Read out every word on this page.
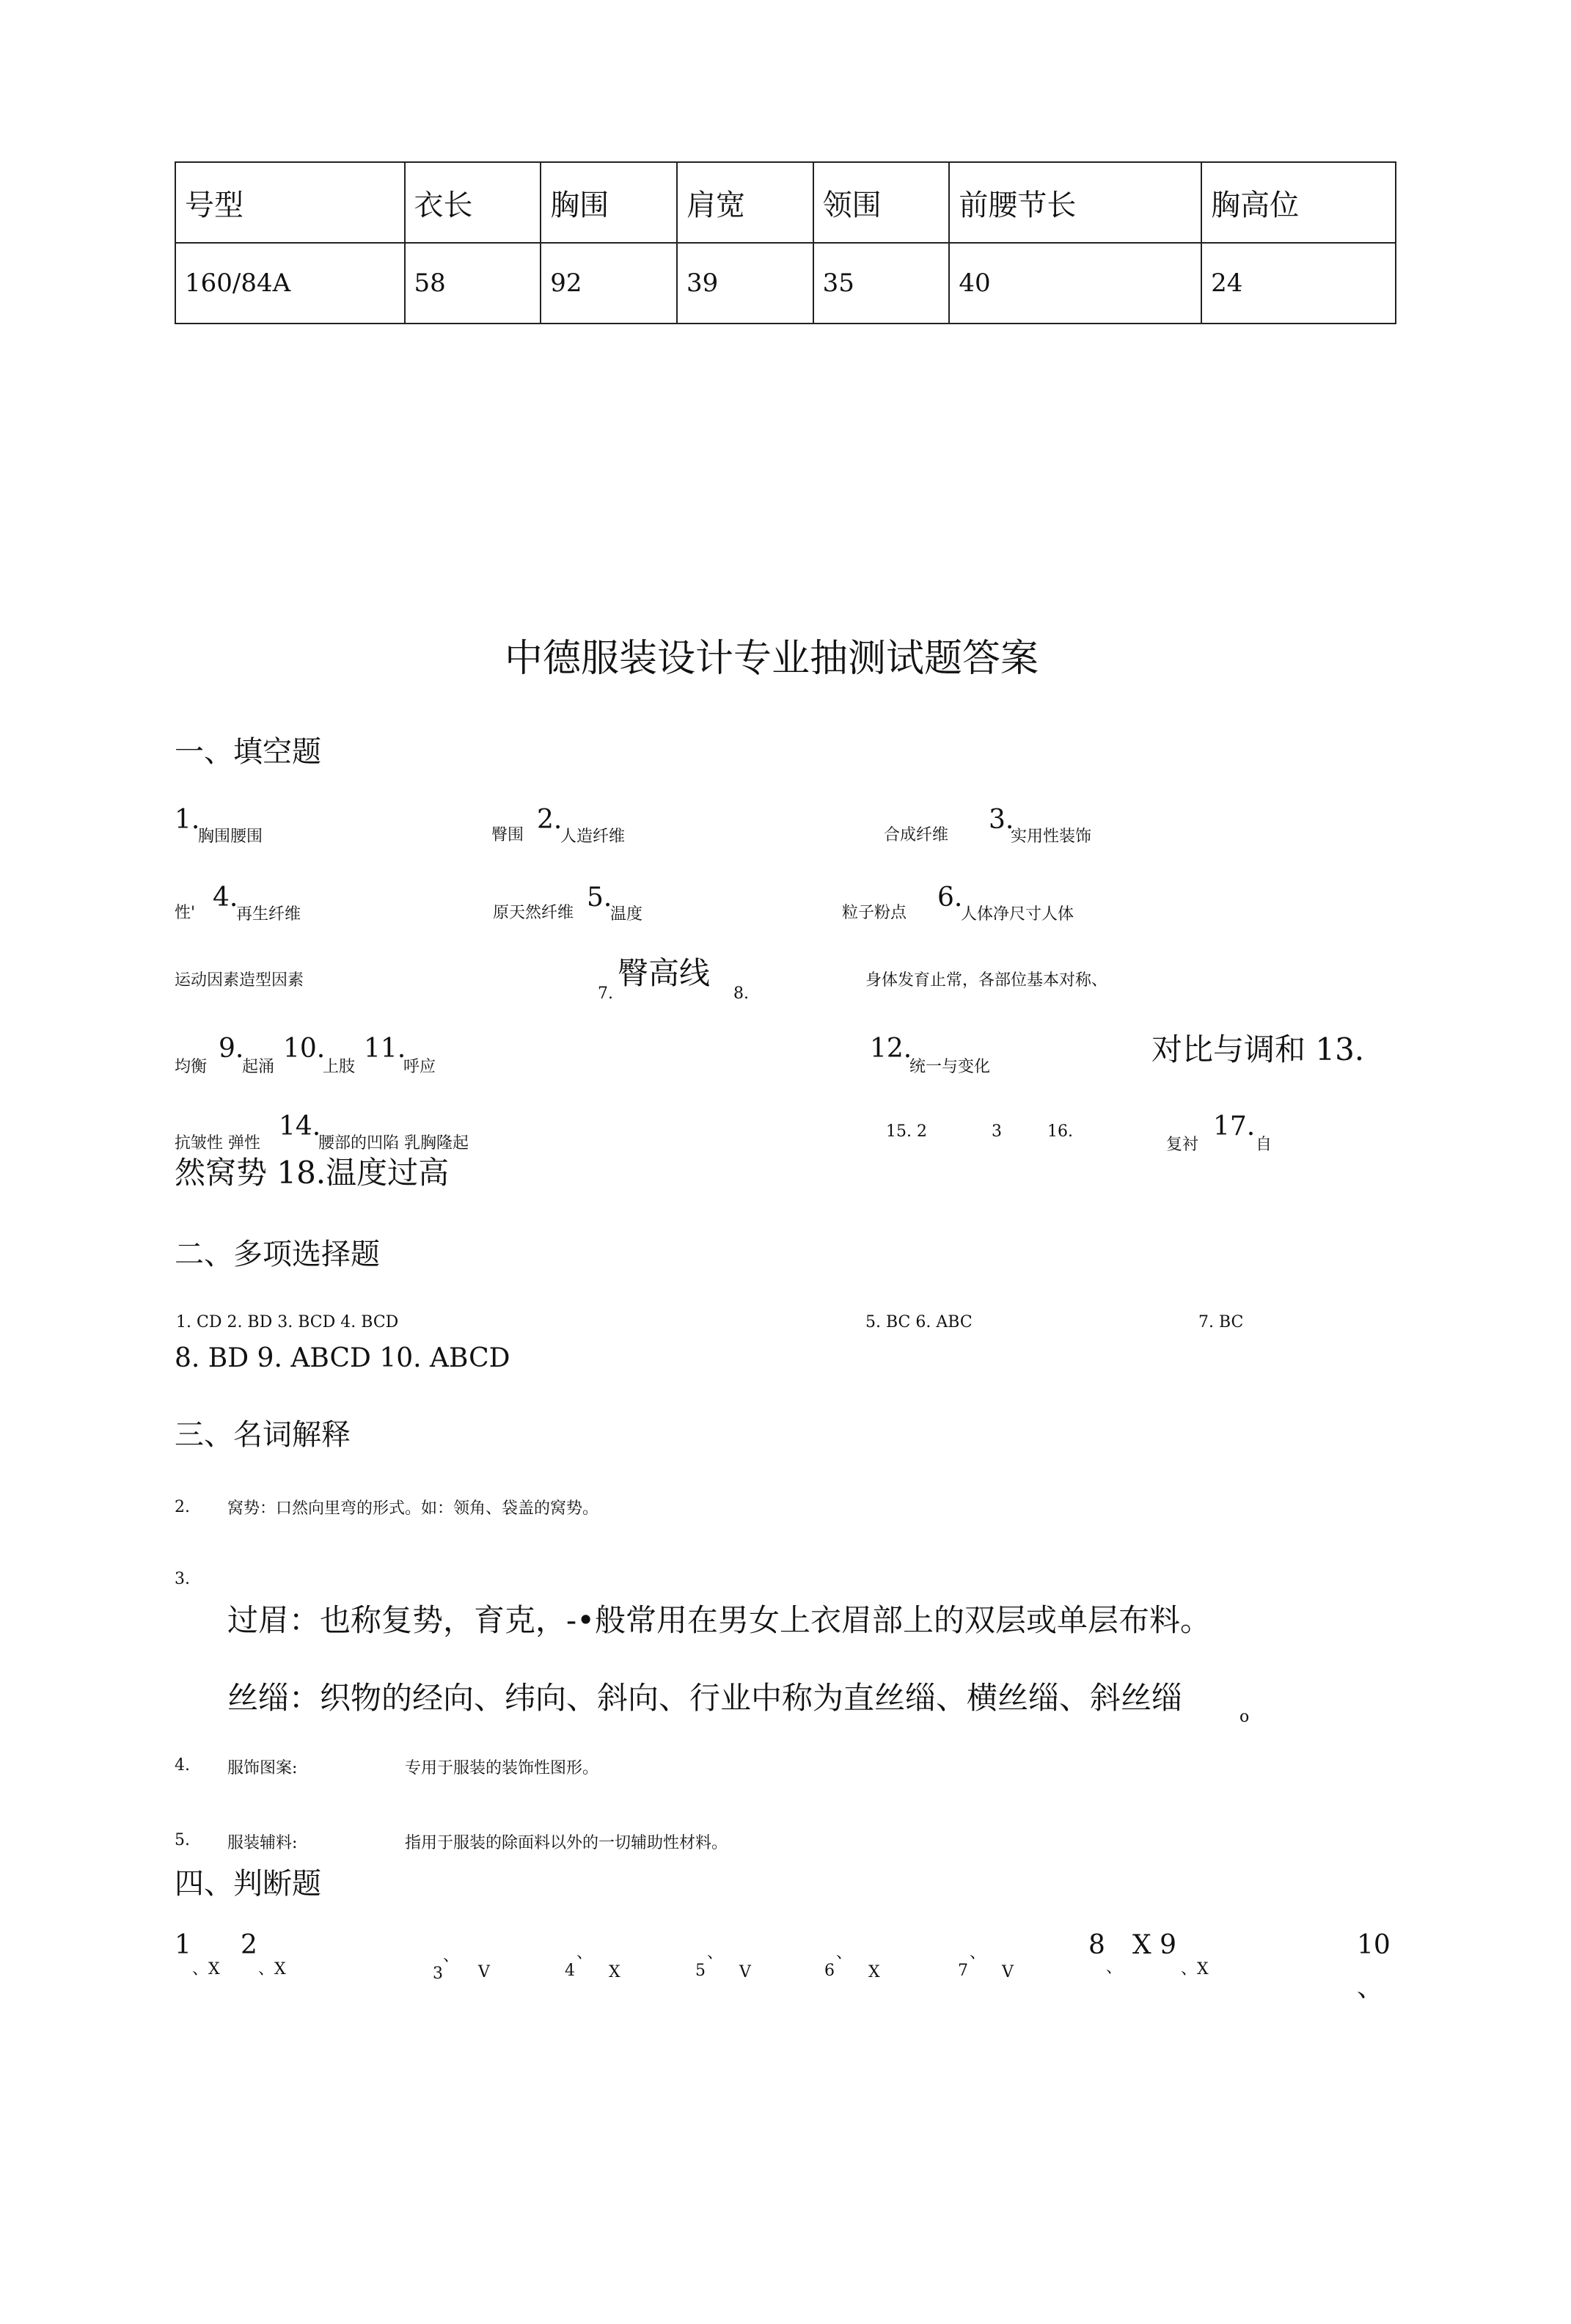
号型	衣长	胸围	肩宽	领围	前腰节长	胸高位
160/84A	58	92	39	35	40	24
中德服装设计专业抽测试题答案
一、填空题
1.
胸围腰围	臀围
2.
人造纤维	合成纤维
3.
实用性装饰
性'
4.
再生纤维	原天然纤维
5.
温度	粒子粉点
6.
人体净尺寸人体
运动因素造型因素
7.
臀高线
8.
身体发育止常，各部位基本对称、
均衡
9.
起涌
10.
上肢
11.
呼应
12.
统一与变化	对比与调和 13.
抗皱性 弹性
14.
腰部的凹陷 乳胸隆起
15. 2	3	16.
复衬
17.
自
然窝势 18.温度过高
二、多项选择题
1. CD 2. BD 3. BCD 4. BCD	5. BC 6. ABC	7. BC
8. BD 9. ABCD 10. ABCD
三、名词解释
2. 窝势：口然向里弯的形式。如：领角、袋盖的窝势。
3.
过眉：也称复势，育克，-•般常用在男女上衣眉部上的双层或单层布料。
丝缁：织物的经向、纬向、斜向、行业中称为直丝缁、横丝缁、斜丝缁
o
4. 服饰图案:	专用于服装的装饰性图形。
5. 服装辅料:	指用于服装的除面料以外的一切辅助性材料。
四、判断题
1
、X
2
、X	3
、
V	4
、
X	5
、
V	6
、
X	7
、
V
8
、
X 9
、X
10
、
